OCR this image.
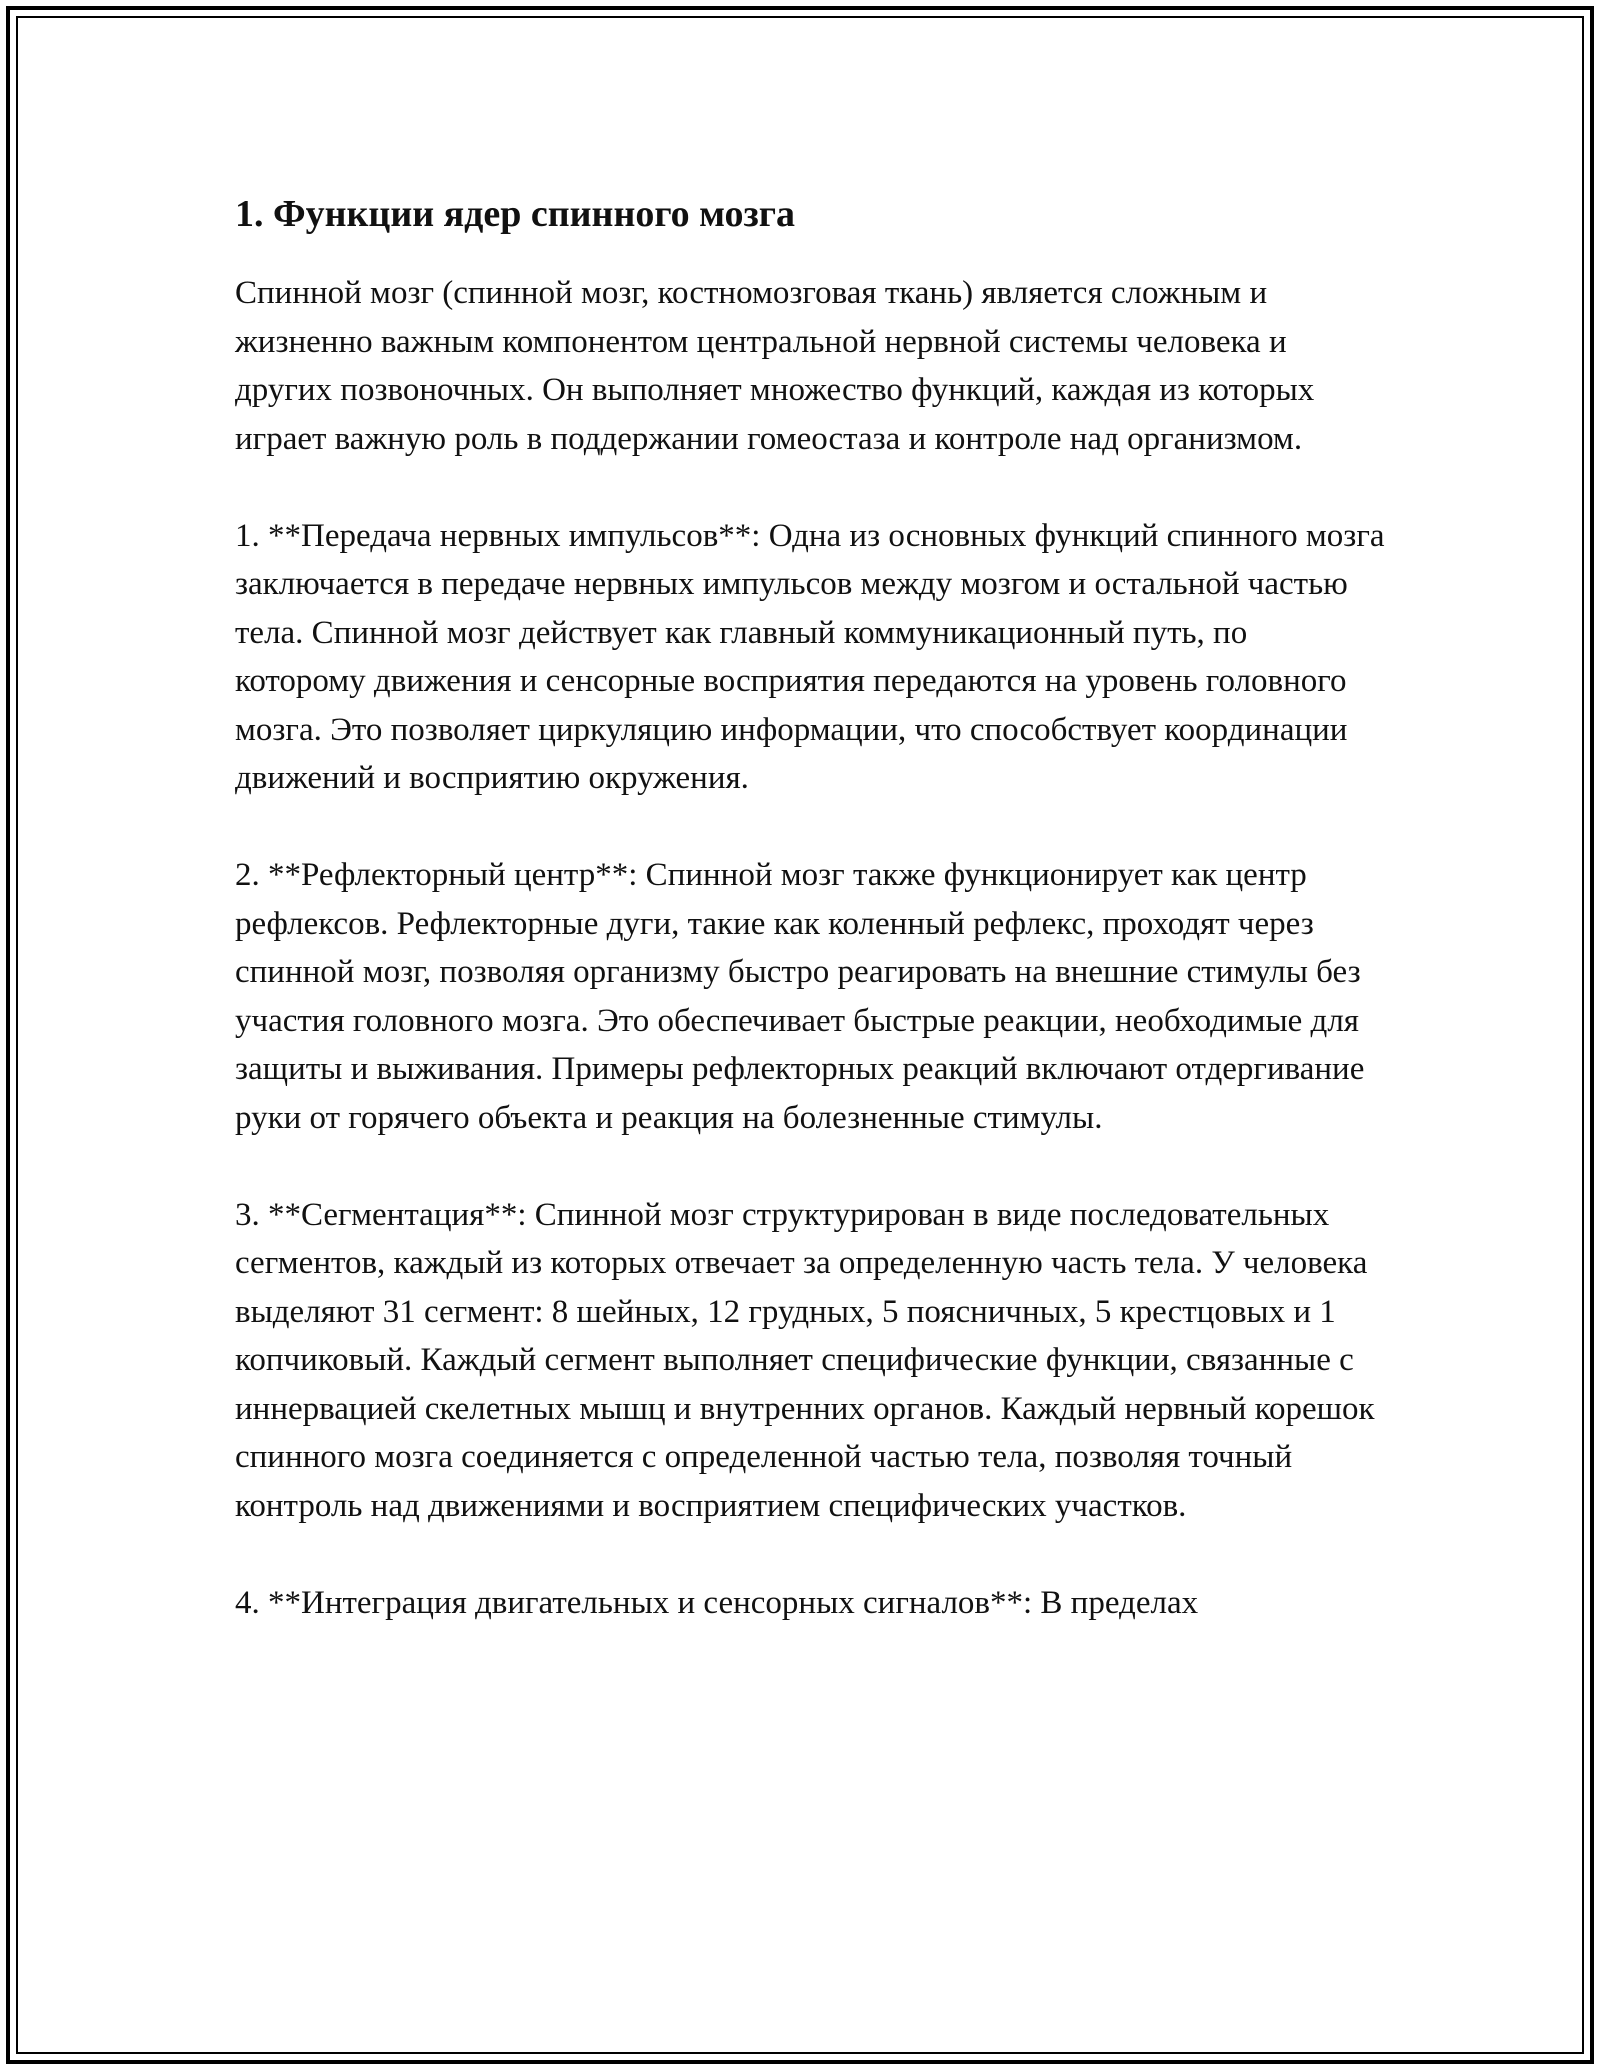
1. Функции ядер спинного мозга

Спинной мозг (спинной мозг, костномозговая ткань) является сложным и жизненно важным компонентом центральной нервной системы человека и других позвоночных. Он выполняет множество функций, каждая из которых играет важную роль в поддержании гомеостаза и контроле над организмом.

1. **Передача нервных импульсов**: Одна из основных функций спинного мозга заключается в передаче нервных импульсов между мозгом и остальной частью тела. Спинной мозг действует как главный коммуникационный путь, по которому движения и сенсорные восприятия передаются на уровень головного мозга. Это позволяет циркуляцию информации, что способствует координации движений и восприятию окружения.

2. **Рефлекторный центр**: Спинной мозг также функционирует как центр рефлексов. Рефлекторные дуги, такие как коленный рефлекс, проходят через спинной мозг, позволяя организму быстро реагировать на внешние стимулы без участия головного мозга. Это обеспечивает быстрые реакции, необходимые для защиты и выживания. Примеры рефлекторных реакций включают отдергивание руки от горячего объекта и реакция на болезненные стимулы.

3. **Сегментация**: Спинной мозг структурирован в виде последовательных сегментов, каждый из которых отвечает за определенную часть тела. У человека выделяют 31 сегмент: 8 шейных, 12 грудных, 5 поясничных, 5 крестцовых и 1 копчиковый. Каждый сегмент выполняет специфические функции, связанные с иннервацией скелетных мышц и внутренних органов. Каждый нервный корешок спинного мозга соединяется с определенной частью тела, позволяя точный контроль над движениями и восприятием специфических участков.

4. **Интеграция двигательных и сенсорных сигналов**: В пределах
